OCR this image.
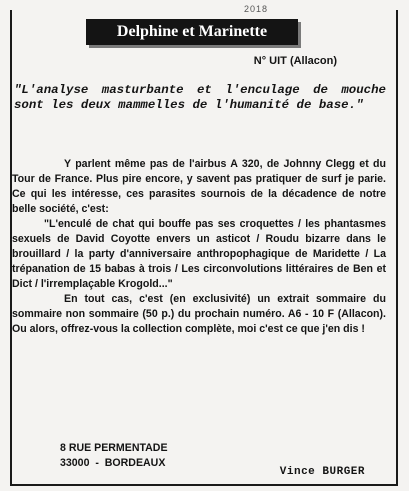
2018
Delphine et Marinette
N° UIT (Allacon)
"L'analyse masturbante et l'enculage de mouche sont les deux mammelles de l'humanité de base."

Y parlent même pas de l'airbus A 320, de Johnny Clegg et du Tour de France. Plus pire encore, y savent pas pratiquer de surf je parie. Ce qui les intéresse, ces parasites sournois de la décadence de notre belle société, c'est:

"L'enculé de chat qui bouffe pas ses croquettes / les phantasmes sexuels de David Coyotte envers un asticot / Roudu bizarre dans le brouillard / la party d'anniversaire anthropophagique de Maridette / La trépanation de 15 babas à trois / Les circonvolutions littéraires de Ben et Dict / l'irremplaçable Krogold..."

En tout cas, c'est (en exclusivité) un extrait sommaire du sommaire non sommaire (50 p.) du prochain numéro. A6 - 10 F (Allacon). Ou alors, offrez-vous la collection complète, moi c'est ce que j'en dis !

8 RUE PERMENTADE
33000  -  BORDEAUX
Vince BURGER
